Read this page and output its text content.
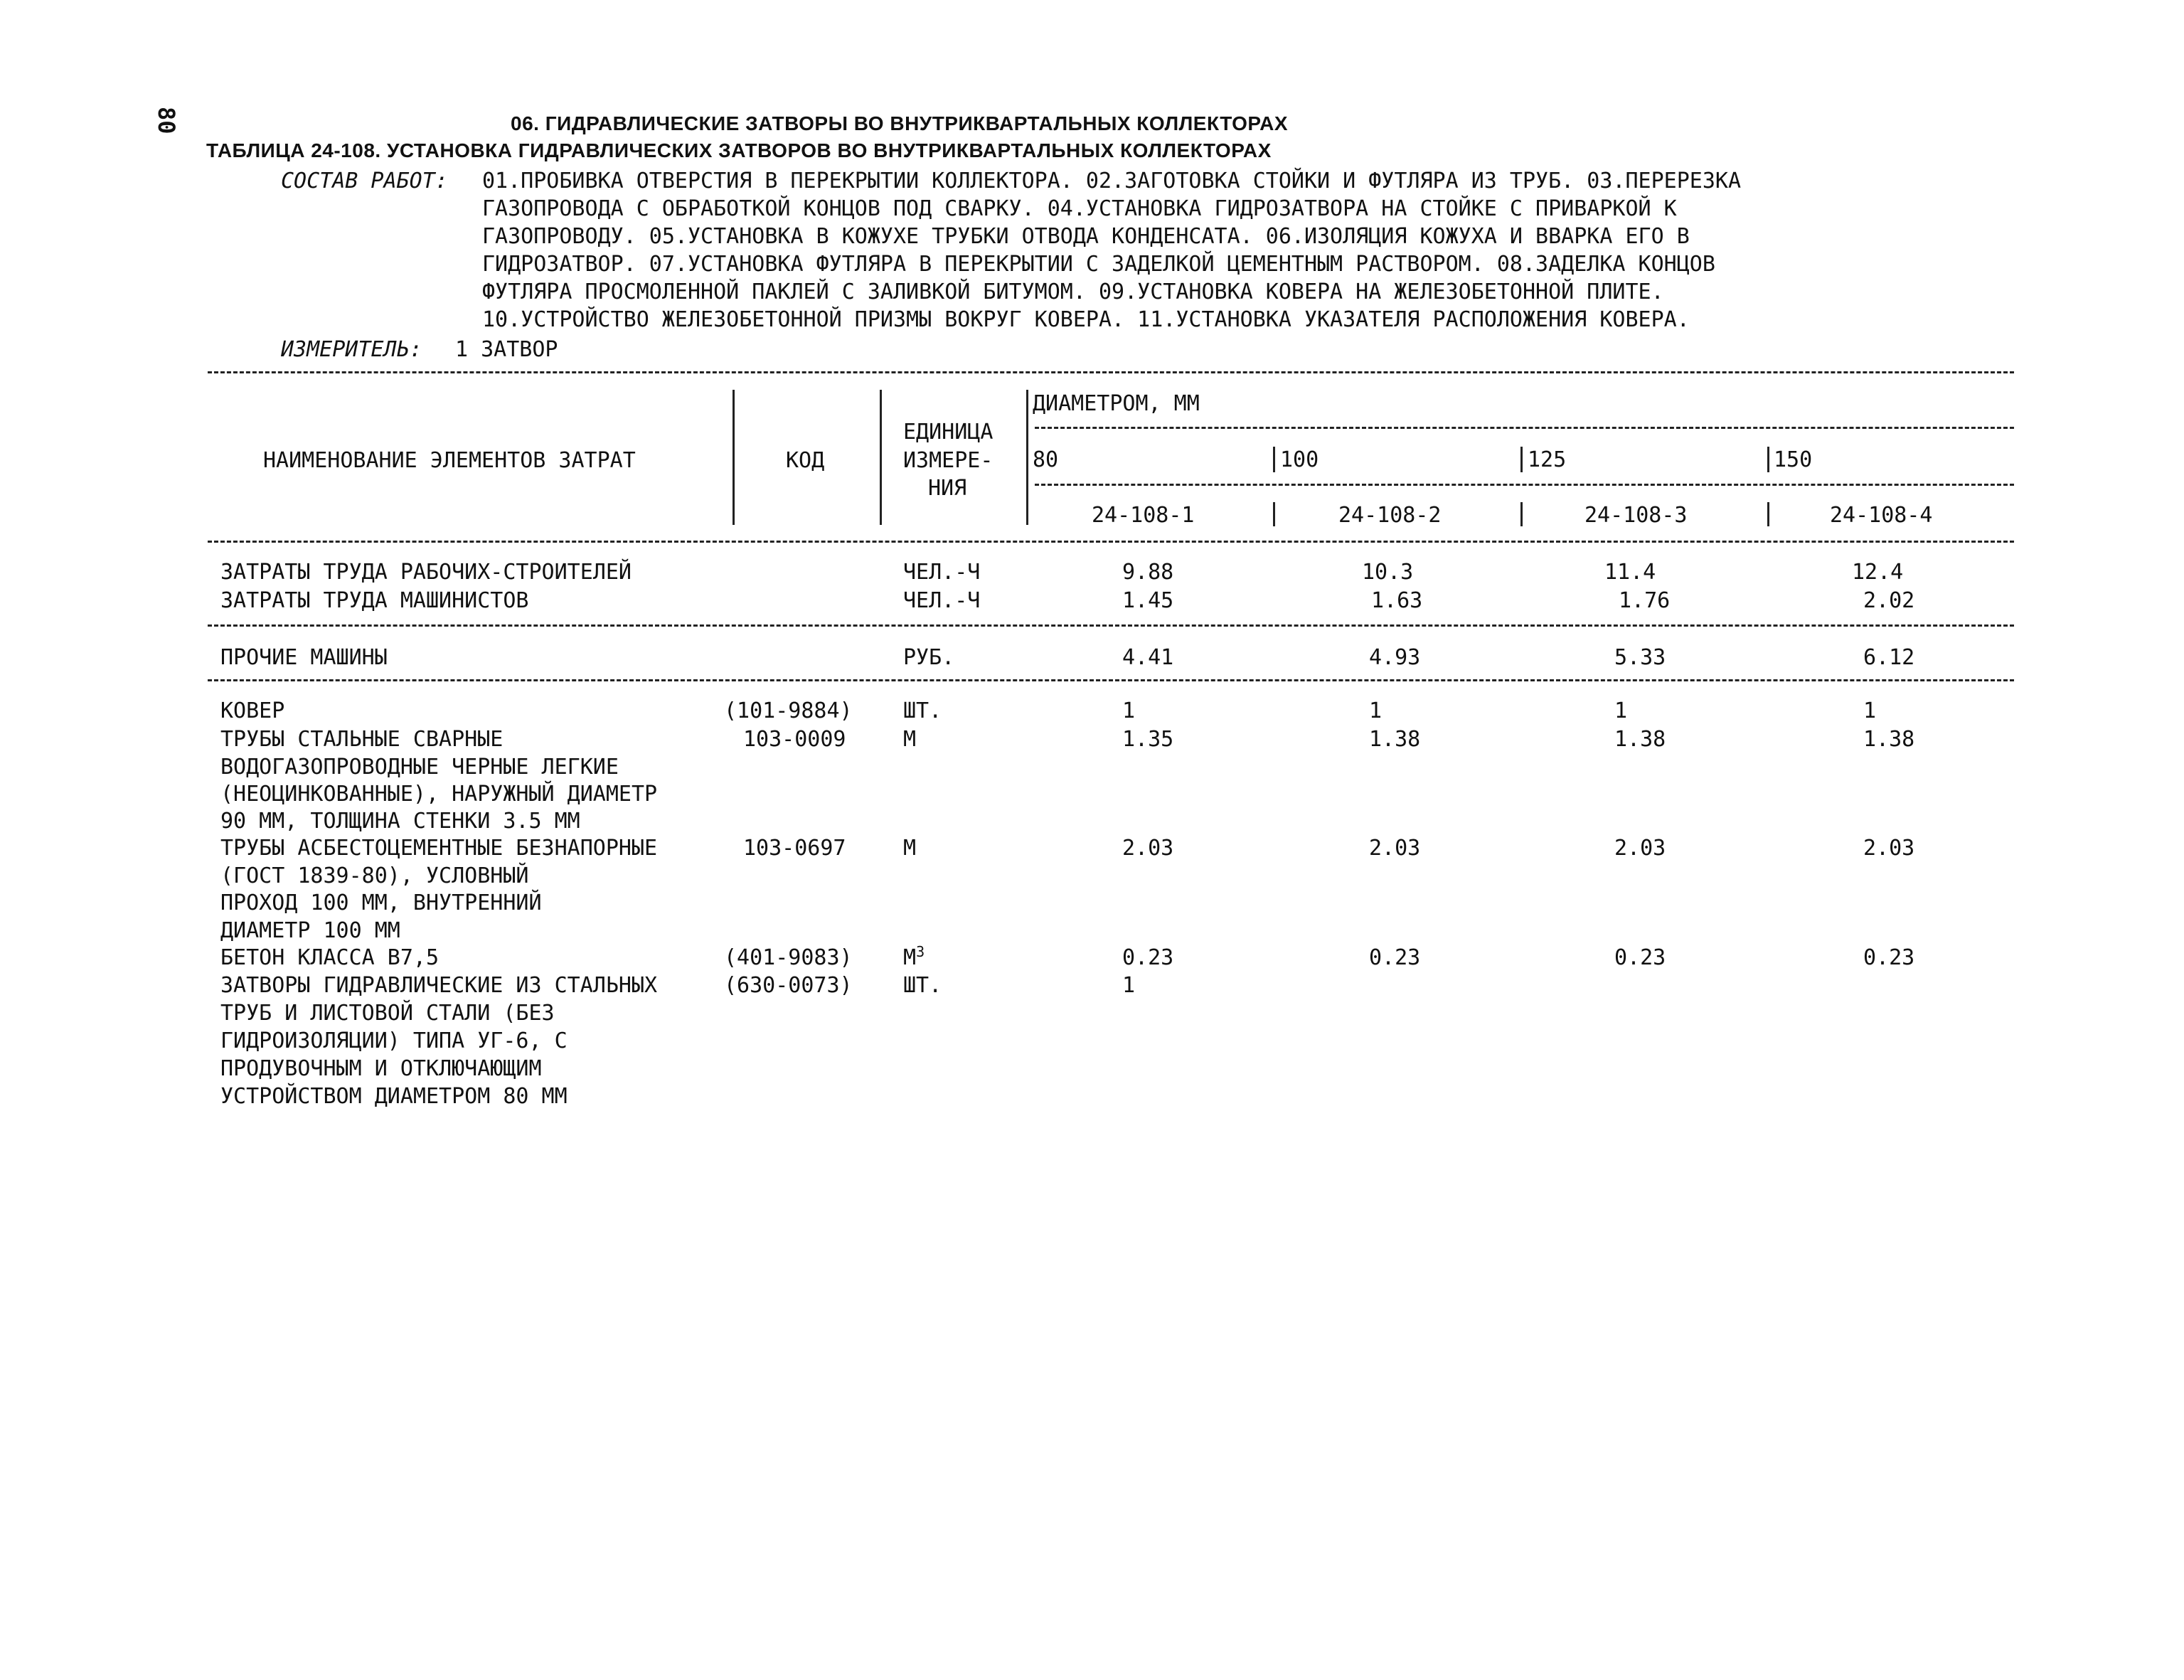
80	06. ГИДРАВЛИЧЕСКИЕ ЗАТВОРЫ ВО ВНУТРИКВАРТАЛЬНЫХ КОЛЛЕКТОРАХ
ТАБЛИЦА 24-108. УСТАНОВКА ГИДРАВЛИЧЕСКИХ ЗАТВОРОВ ВО ВНУТРИКВАРТАЛЬНЫХ КОЛЛЕКТОРАХ
СОСТАВ РАБОТ: 01.ПРОБИВКА ОТВЕРСТИЯ В ПЕРЕКРЫТИИ КОЛЛЕКТОРА. 02.ЗАГОТОВКА СТОЙКИ И ФУТЛЯРА ИЗ ТРУБ. 03.ПЕРЕРЕЗКА
ГАЗОПРОВОДА С ОБРАБОТКОЙ КОНЦОВ ПОД СВАРКУ. 04.УСТАНОВКА ГИДРОЗАТВОРА НА СТОЙКЕ С ПРИВАРКОЙ К
ГАЗОПРОВОДУ. 05.УСТАНОВКА В КОЖУХЕ ТРУБКИ ОТВОДА КОНДЕНСАТА. 06.ИЗОЛЯЦИЯ КОЖУХА И ВВАРКА ЕГО В
ГИДРОЗАТВОР. 07.УСТАНОВКА ФУТЛЯРА В ПЕРЕКРЫТИИ С ЗАДЕЛКОЙ ЦЕМЕНТНЫМ РАСТВОРОМ. 08.ЗАДЕЛКА КОНЦОВ
ФУТЛЯРА ПРОСМОЛЕННОЙ ПАКЛЕЙ С ЗАЛИВКОЙ БИТУМОМ. 09.УСТАНОВКА КОВЕРА НА ЖЕЛЕЗОБЕТОННОЙ ПЛИТЕ.
10.УСТРОЙСТВО ЖЕЛЕЗОБЕТОННОЙ ПРИЗМЫ ВОКРУГ КОВЕРА. 11.УСТАНОВКА УКАЗАТЕЛЯ РАСПОЛОЖЕНИЯ КОВЕРА.
ИЗМЕРИТЕЛЬ: 1 ЗАТВОР
НАИМЕНОВАНИЕ ЭЛЕМЕНТОВ ЗАТРАТ	КОД
ЕДИНИЦА
ИЗМЕРЕ-
НИЯ
ДИАМЕТРОМ, ММ
80	100	125	150
24-108-1	24-108-2	24-108-3	24-108-4
ЗАТРАТЫ ТРУДА РАБОЧИХ-СТРОИТЕЛЕЙ	ЧЕЛ.-Ч	9.88	10.3	11.4	12.4
ЗАТРАТЫ ТРУДА МАШИНИСТОВ	ЧЕЛ.-Ч	1.45	1.63	1.76	2.02
ПРОЧИЕ МАШИНЫ	РУБ.	4.41	4.93	5.33	6.12
КОВЕР	(101-9884) ШТ.	1	1	1	1
ТРУБЫ СТАЛЬНЫЕ СВАРНЫЕ
ВОДОГАЗОПРОВОДНЫЕ ЧЕРНЫЕ ЛЕГКИЕ
(НЕОЦИНКОВАННЫЕ), НАРУЖНЫЙ ДИАМЕТР
90 ММ, ТОЛЩИНА СТЕНКИ 3.5 ММ
103-0009	М	1.35	1.38	1.38	1.38
ТРУБЫ АСБЕСТОЦЕМЕНТНЫЕ БЕЗНАПОРНЫЕ
(ГОСТ 1839-80), УСЛОВНЫЙ
ПРОХОД 100 ММ, ВНУТРЕННИЙ
ДИАМЕТР 100 ММ
103-0697	М	2.03	2.03	2.03	2.03
БЕТОН КЛАССА В7,5	(401-9083) $М^3$	0.23	0.23	0.23	0.23
ЗАТВОРЫ ГИДРАВЛИЧЕСКИЕ ИЗ СТАЛЬНЫХ
ТРУБ И ЛИСТОВОЙ СТАЛИ (БЕЗ
ГИДРОИЗОЛЯЦИИ) ТИПА УГ-6, С
ПРОДУВОЧНЫМ И ОТКЛЮЧАЮЩИМ
УСТРОЙСТВОМ ДИАМЕТРОМ 80 ММ
(630-0073) ШТ.	1
